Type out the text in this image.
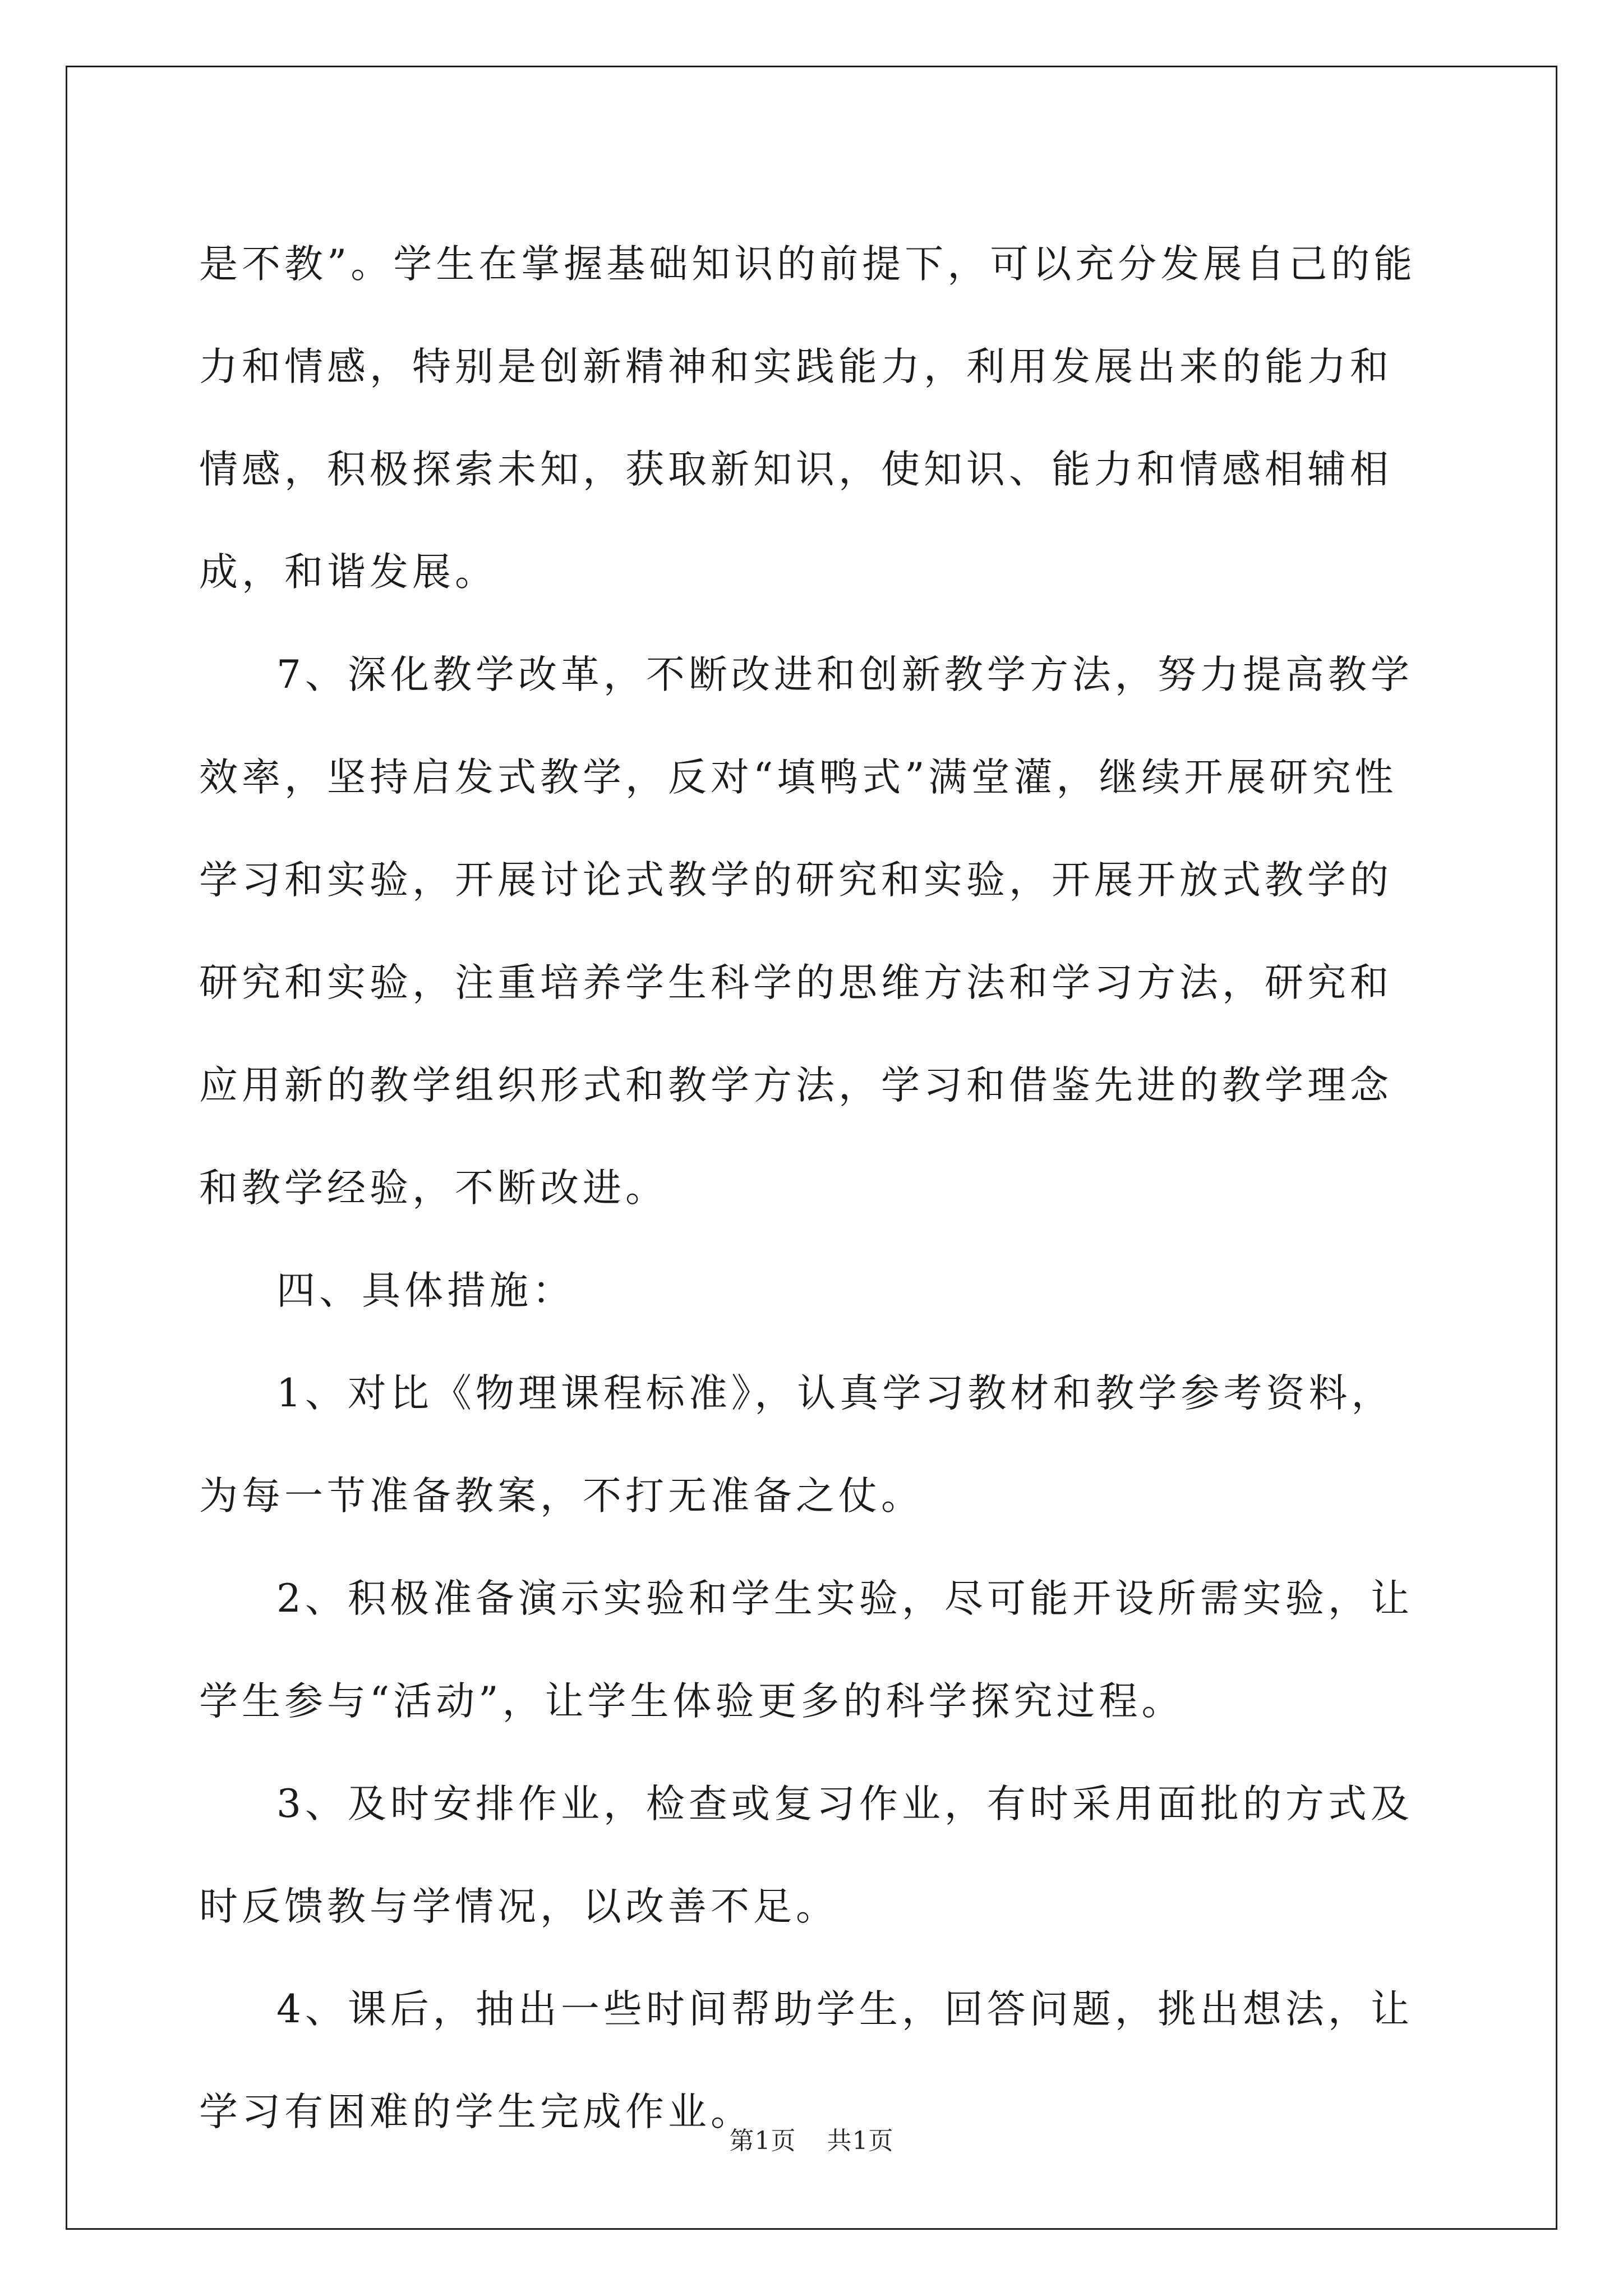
是不教”。学生在掌握基础知识的前提下，可以充分发展自己的能力和情感，特别是创新精神和实践能力，利用发展出来的能力和情感，积极探索未知，获取新知识，使知识、能力和情感相辅相成，和谐发展。

7、深化教学改革，不断改进和创新教学方法，努力提高教学效率，坚持启发式教学，反对“填鸭式”满堂灌，继续开展研究性学习和实验，开展讨论式教学的研究和实验，开展开放式教学的研究和实验，注重培养学生科学的思维方法和学习方法，研究和应用新的教学组织形式和教学方法，学习和借鉴先进的教学理念和教学经验，不断改进。

四、具体措施：

1、对比《物理课程标准》，认真学习教材和教学参考资料，为每一节准备教案，不打无准备之仗。

2、积极准备演示实验和学生实验，尽可能开设所需实验，让学生参与“活动”，让学生体验更多的科学探究过程。

3、及时安排作业，检查或复习作业，有时采用面批的方式及时反馈教与学情况，以改善不足。

4、课后，抽出一些时间帮助学生，回答问题，挑出想法，让学习有困难的学生完成作业。

第1页 共1页
